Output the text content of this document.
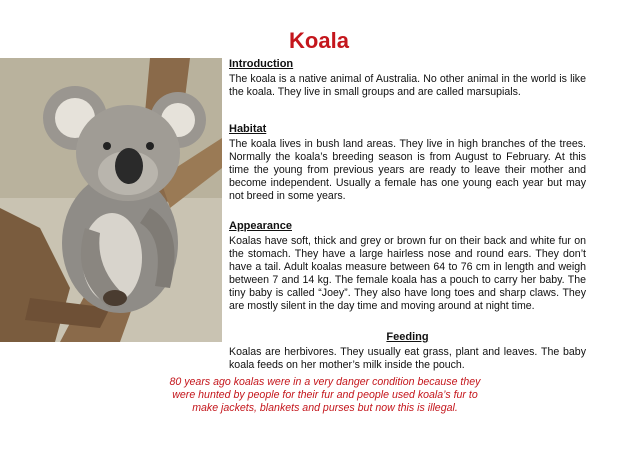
Koala
DAVID HANNON/AFP/GETTY IMAGES

Introduction

The koala is a native animal of Australia. No other animal in the world is like the koala. They live in small groups and are called marsupials.

Habitat

The koala lives in bush land areas. They live in high branches of the trees. Normally the koala’s breeding season is from August to February. At this time the young from previous years are ready to leave their mother and become independent. Usually a female has one young each year but may not breed in some years.

Appearance

Koalas have soft, thick and grey or brown fur on their back and white fur on the stomach. They have a large hairless nose and round ears. They don’t have a tail. Adult koalas measure between 64 to 76 cm in length and weigh between 7 and 14 kg. The female koala has a pouch to carry her baby. The tiny baby is called “Joey”. They also have long toes and sharp claws. They are mostly silent in the day time and moving around at night time.

Feeding

Koalas are herbivores. They usually eat grass, plant and leaves. The baby koala feeds on her mother’s milk inside the pouch.

80 years ago koalas were in a very danger condition because they were hunted by people for their fur and people used koala’s fur to make jackets, blankets and purses but now this is illegal.
